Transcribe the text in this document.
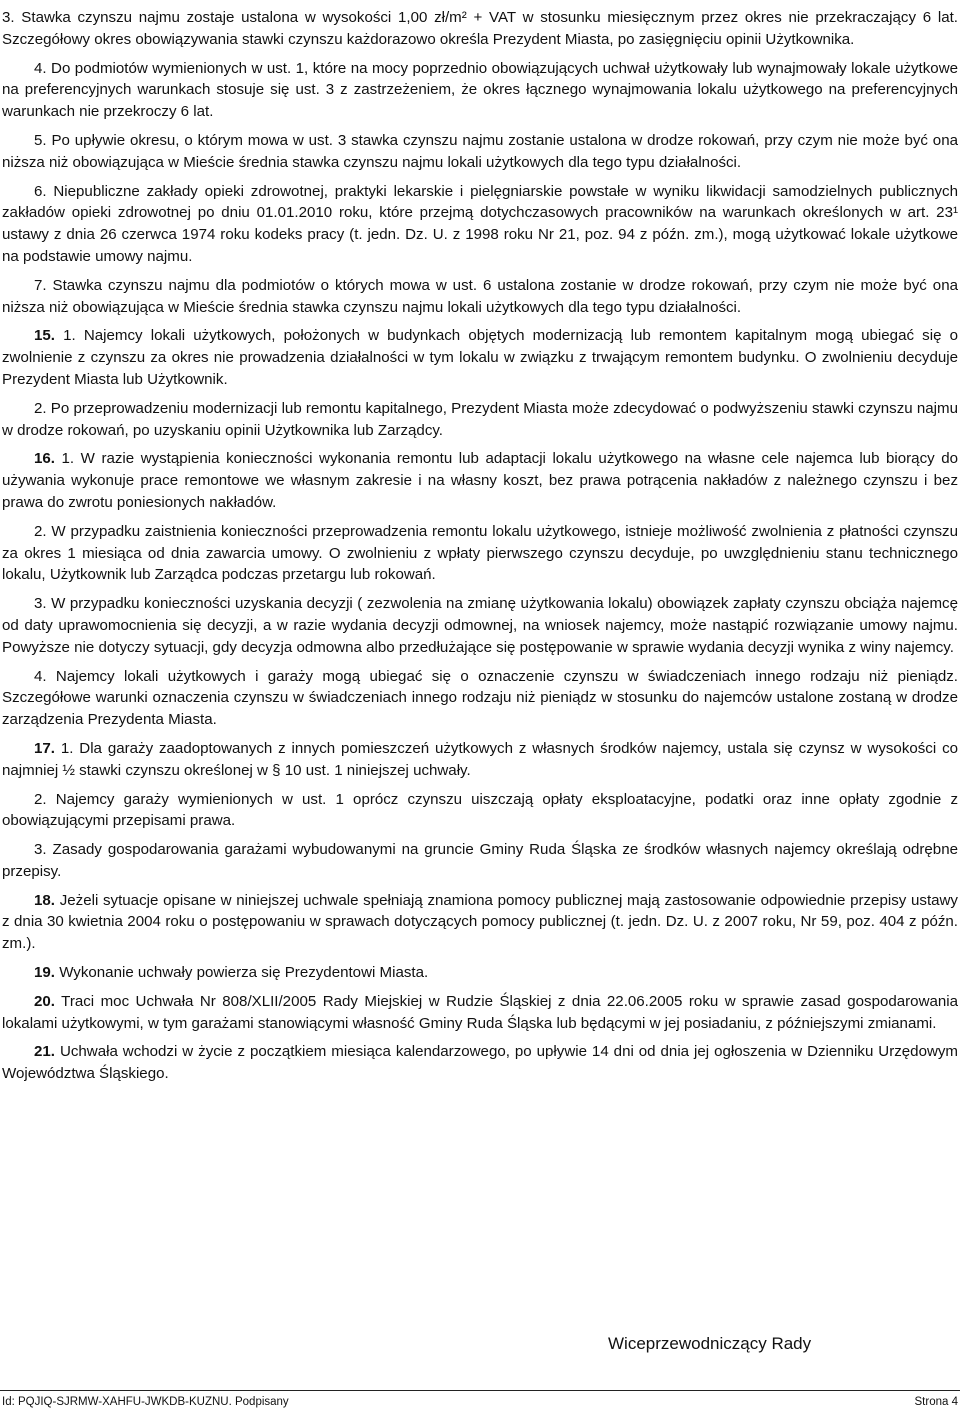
3. Stawka czynszu najmu zostaje ustalona w wysokości 1,00 zł/m² + VAT w stosunku miesięcznym przez okres nie przekraczający 6 lat. Szczegółowy okres obowiązywania stawki czynszu każdorazowo określa Prezydent Miasta, po zasięgnięciu opinii Użytkownika.

4. Do podmiotów wymienionych w ust. 1, które na mocy poprzednio obowiązujących uchwał użytkowały lub wynajmowały lokale użytkowe na preferencyjnych warunkach stosuje się ust. 3 z zastrzeżeniem, że okres łącznego wynajmowania lokalu użytkowego na preferencyjnych warunkach nie przekroczy 6 lat.

5. Po upływie okresu, o którym mowa w ust. 3 stawka czynszu najmu zostanie ustalona w drodze rokowań, przy czym nie może być ona niższa niż obowiązująca w Mieście średnia stawka czynszu najmu lokali użytkowych dla tego typu działalności.

6. Niepubliczne zakłady opieki zdrowotnej, praktyki lekarskie i pielęgniarskie powstałe w wyniku likwidacji samodzielnych publicznych zakładów opieki zdrowotnej po dniu 01.01.2010 roku, które przejmą dotychczasowych pracowników na warunkach określonych w art. 23¹ ustawy z dnia 26 czerwca 1974 roku kodeks pracy (t. jedn. Dz. U. z 1998 roku Nr 21, poz. 94 z późn. zm.), mogą użytkować lokale użytkowe na podstawie umowy najmu.

7. Stawka czynszu najmu dla podmiotów o których mowa w ust. 6 ustalona zostanie w drodze rokowań, przy czym nie może być ona niższa niż obowiązująca w Mieście średnia stawka czynszu najmu lokali użytkowych dla tego typu działalności.

15. 1. Najemcy lokali użytkowych, położonych w budynkach objętych modernizacją lub remontem kapitalnym mogą ubiegać się o zwolnienie z czynszu za okres nie prowadzenia działalności w tym lokalu w związku z trwającym remontem budynku. O zwolnieniu decyduje Prezydent Miasta lub Użytkownik.

2. Po przeprowadzeniu modernizacji lub remontu kapitalnego, Prezydent Miasta może zdecydować o podwyższeniu stawki czynszu najmu w drodze rokowań, po uzyskaniu opinii Użytkownika lub Zarządcy.

16. 1. W razie wystąpienia konieczności wykonania remontu lub adaptacji lokalu użytkowego na własne cele najemca lub biorący do używania wykonuje prace remontowe we własnym zakresie i na własny koszt, bez prawa potrącenia nakładów z należnego czynszu i bez prawa do zwrotu poniesionych nakładów.

2. W przypadku zaistnienia konieczności przeprowadzenia remontu lokalu użytkowego, istnieje możliwość zwolnienia z płatności czynszu za okres 1 miesiąca od dnia zawarcia umowy. O zwolnieniu z wpłaty pierwszego czynszu decyduje, po uwzględnieniu stanu technicznego lokalu, Użytkownik lub Zarządca podczas przetargu lub rokowań.

3. W przypadku konieczności uzyskania decyzji ( zezwolenia na zmianę użytkowania lokalu) obowiązek zapłaty czynszu obciąża najemcę od daty uprawomocnienia się decyzji, a w razie wydania decyzji odmownej, na wniosek najemcy, może nastąpić rozwiązanie umowy najmu. Powyższe nie dotyczy sytuacji, gdy decyzja odmowna albo przedłużające się postępowanie w sprawie wydania decyzji wynika z winy najemcy.

4. Najemcy lokali użytkowych i garaży mogą ubiegać się o oznaczenie czynszu w świadczeniach innego rodzaju niż pieniądz. Szczegółowe warunki oznaczenia czynszu w świadczeniach innego rodzaju niż pieniądz w stosunku do najemców ustalone zostaną w drodze zarządzenia Prezydenta Miasta.

17. 1. Dla garaży zaadoptowanych z innych pomieszczeń użytkowych z własnych środków najemcy, ustala się czynsz w wysokości co najmniej ½ stawki czynszu określonej w § 10 ust. 1 niniejszej uchwały.

2. Najemcy garaży wymienionych w ust. 1 oprócz czynszu uiszczają opłaty eksploatacyjne, podatki oraz inne opłaty zgodnie z obowiązującymi przepisami prawa.

3. Zasady gospodarowania garażami wybudowanymi na gruncie Gminy Ruda Śląska ze środków własnych najemcy określają odrębne przepisy.

18. Jeżeli sytuacje opisane w niniejszej uchwale spełniają znamiona pomocy publicznej mają zastosowanie odpowiednie przepisy ustawy z dnia 30 kwietnia 2004 roku o postępowaniu w sprawach dotyczących pomocy publicznej (t. jedn. Dz. U. z 2007 roku, Nr 59, poz. 404 z późn. zm.).

19. Wykonanie uchwały powierza się Prezydentowi Miasta.

20. Traci moc Uchwała Nr 808/XLII/2005 Rady Miejskiej w Rudzie Śląskiej z dnia 22.06.2005 roku w sprawie zasad gospodarowania lokalami użytkowymi, w tym garażami stanowiącymi własność Gminy Ruda Śląska lub będącymi w jej posiadaniu, z późniejszymi zmianami.

21. Uchwała wchodzi w życie z początkiem miesiąca kalendarzowego, po upływie 14 dni od dnia jej ogłoszenia w Dzienniku Urzędowym Województwa Śląskiego.

Wiceprzewodniczący Rady
Id: PQJIQ-SJRMW-XAHFU-JWKDB-KUZNU. Podpisany	Strona 4
